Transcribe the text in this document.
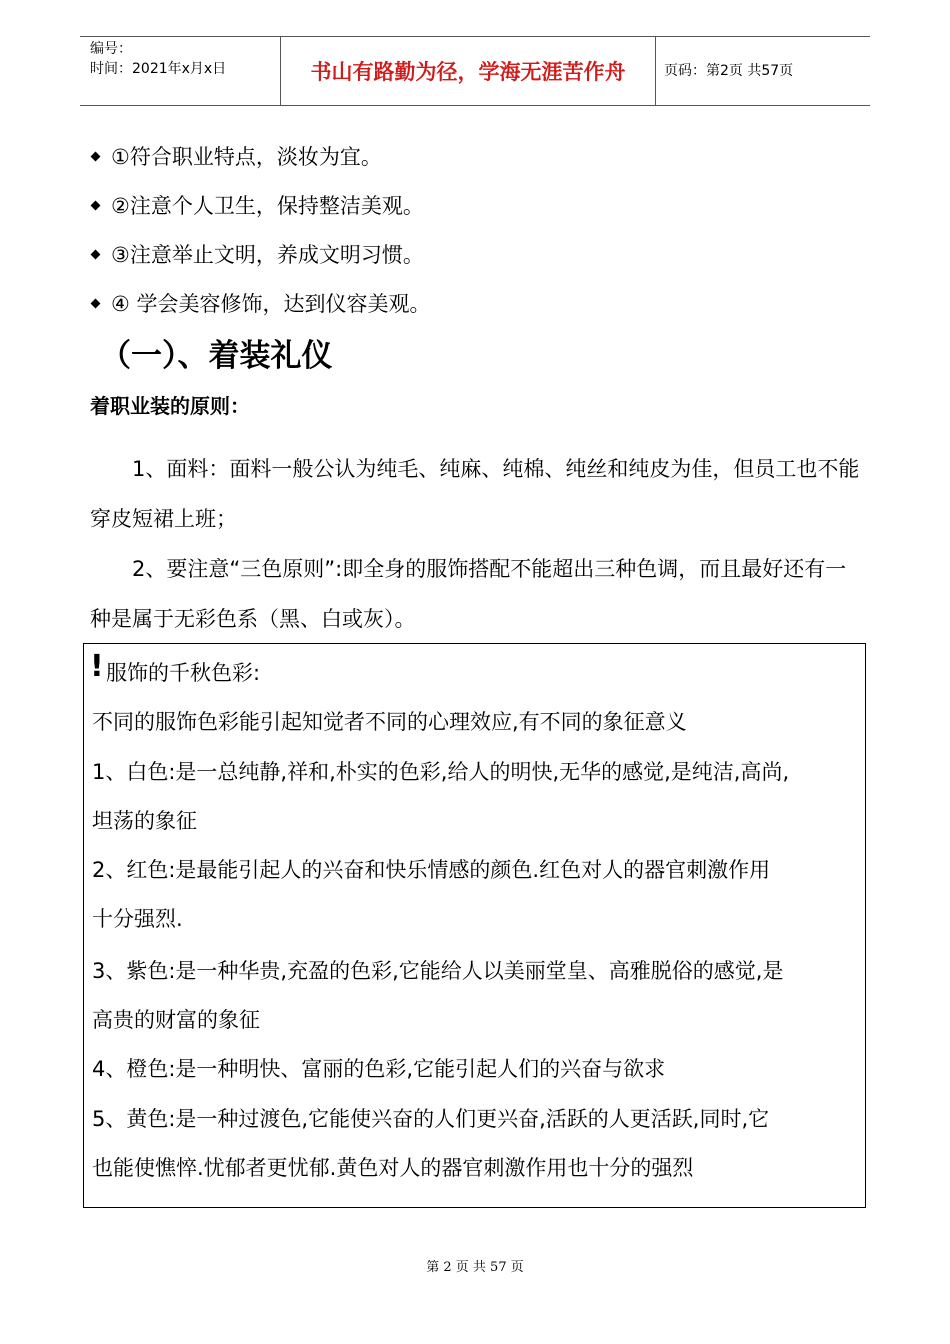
编号：
时间：2021年x月x日	书山有路勤为径，学海无涯苦作舟	页码：第2页 共57页
①符合职业特点，淡妆为宜。
②注意个人卫生，保持整洁美观。
③注意举止文明，养成文明习惯。
④ 学会美容修饰，达到仪容美观。
（一）、着装礼仪
着职业装的原则：
1、面料：面料一般公认为纯毛、纯麻、纯棉、纯丝和纯皮为佳，但员工也不能穿皮短裙上班；
2、要注意“三色原则”:即全身的服饰搭配不能超出三种色调，而且最好还有一种是属于无彩色系（黑、白或灰）。
! 服饰的千秋色彩:
不同的服饰色彩能引起知觉者不同的心理效应,有不同的象征意义
1、白色:是一总纯静,祥和,朴实的色彩,给人的明快,无华的感觉,是纯洁,高尚,
坦荡的象征
2、红色:是最能引起人的兴奋和快乐情感的颜色.红色对人的器官刺激作用
十分强烈.
3、紫色:是一种华贵,充盈的色彩,它能给人以美丽堂皇、高雅脱俗的感觉,是
高贵的财富的象征
4、橙色:是一种明快、富丽的色彩,它能引起人们的兴奋与欲求
5、黄色:是一种过渡色,它能使兴奋的人们更兴奋,活跃的人更活跃,同时,它
也能使憔悴.忧郁者更忧郁.黄色对人的器官刺激作用也十分的强烈
第 2 页 共 57 页
